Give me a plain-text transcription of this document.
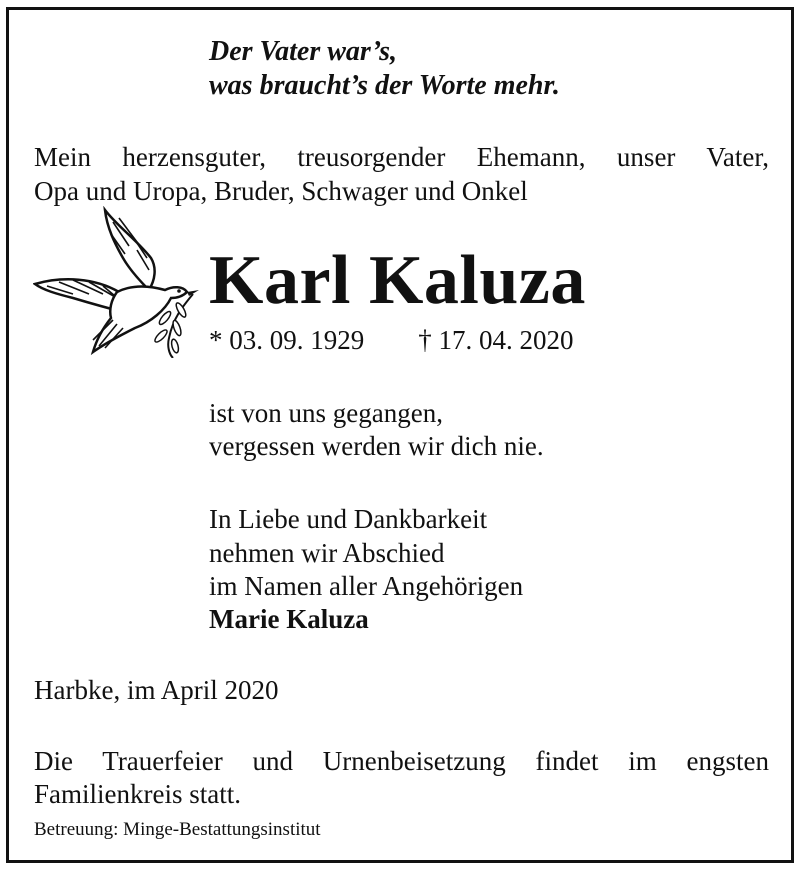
Der Vater war’s,
was braucht’s der Worte mehr.
Mein herzensguter, treusorgender Ehemann, unser Vater,
Opa und Uropa, Bruder, Schwager und Onkel
Karl Kaluza
* 03. 09. 1929 † 17. 04. 2020
ist von uns gegangen,
vergessen werden wir dich nie.
In Liebe und Dankbarkeit
nehmen wir Abschied
im Namen aller Angehörigen
Marie Kaluza
Harbke, im April 2020
Die Trauerfeier und Urnenbeisetzung findet im engsten
Familienkreis statt.
Betreuung: Minge-Bestattungsinstitut
